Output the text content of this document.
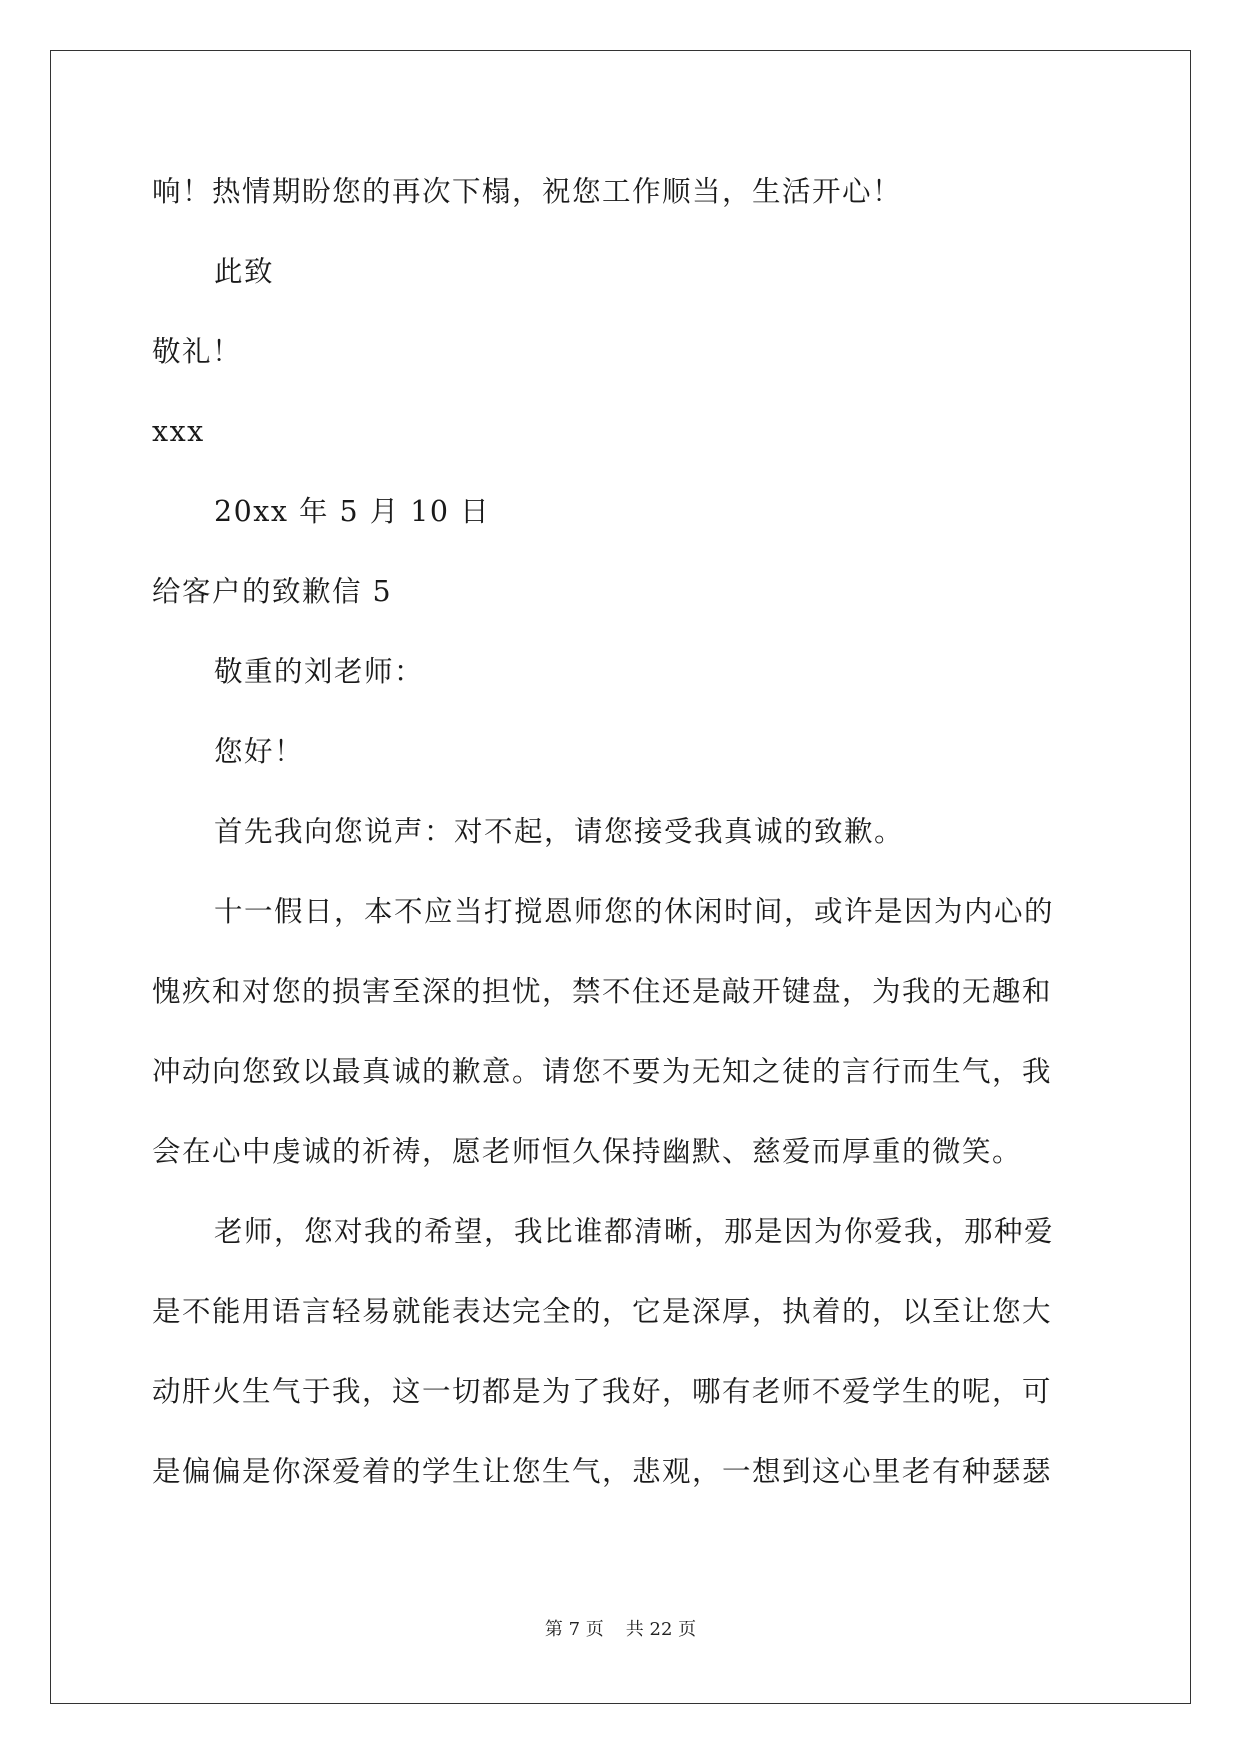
响！热情期盼您的再次下榻，祝您工作顺当，生活开心！
此致
敬礼！
xxx
20xx 年 5 月 10 日
给客户的致歉信 5
敬重的刘老师：
您好！
首先我向您说声：对不起，请您接受我真诚的致歉。
十一假日，本不应当打搅恩师您的休闲时间，或许是因为内心的
愧疚和对您的损害至深的担忧，禁不住还是敲开键盘，为我的无趣和
冲动向您致以最真诚的歉意。请您不要为无知之徒的言行而生气，我
会在心中虔诚的祈祷，愿老师恒久保持幽默、慈爱而厚重的微笑。
老师，您对我的希望，我比谁都清晰，那是因为你爱我，那种爱
是不能用语言轻易就能表达完全的，它是深厚，执着的，以至让您大
动肝火生气于我，这一切都是为了我好，哪有老师不爱学生的呢，可
是偏偏是你深爱着的学生让您生气，悲观，一想到这心里老有种瑟瑟
第 7 页 共 22 页
